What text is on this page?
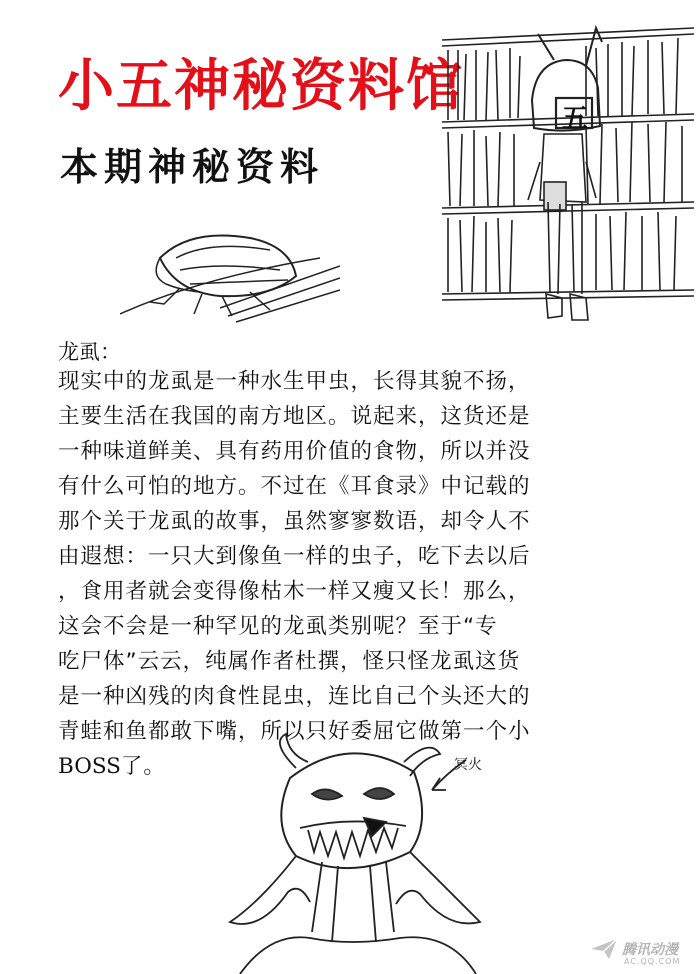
小五神秘资料馆
本期神秘资料
五
龙虱：
现实中的龙虱是一种水生甲虫，长得其貌不扬，
主要生活在我国的南方地区。说起来，这货还是
一种味道鲜美、具有药用价值的食物，所以并没
有什么可怕的地方。不过在《耳食录》中记载的
那个关于龙虱的故事，虽然寥寥数语，却令人不
由遐想：一只大到像鱼一样的虫子，吃下去以后
，食用者就会变得像枯木一样又瘦又长！那么，
这会不会是一种罕见的龙虱类别呢？至于“专
吃尸体”云云，纯属作者杜撰，怪只怪龙虱这货
是一种凶残的肉食性昆虫，连比自己个头还大的
青蛙和鱼都敢下嘴，所以只好委屈它做第一个小
BOSS了。	冥火
腾讯动漫
AC.QQ.COM
